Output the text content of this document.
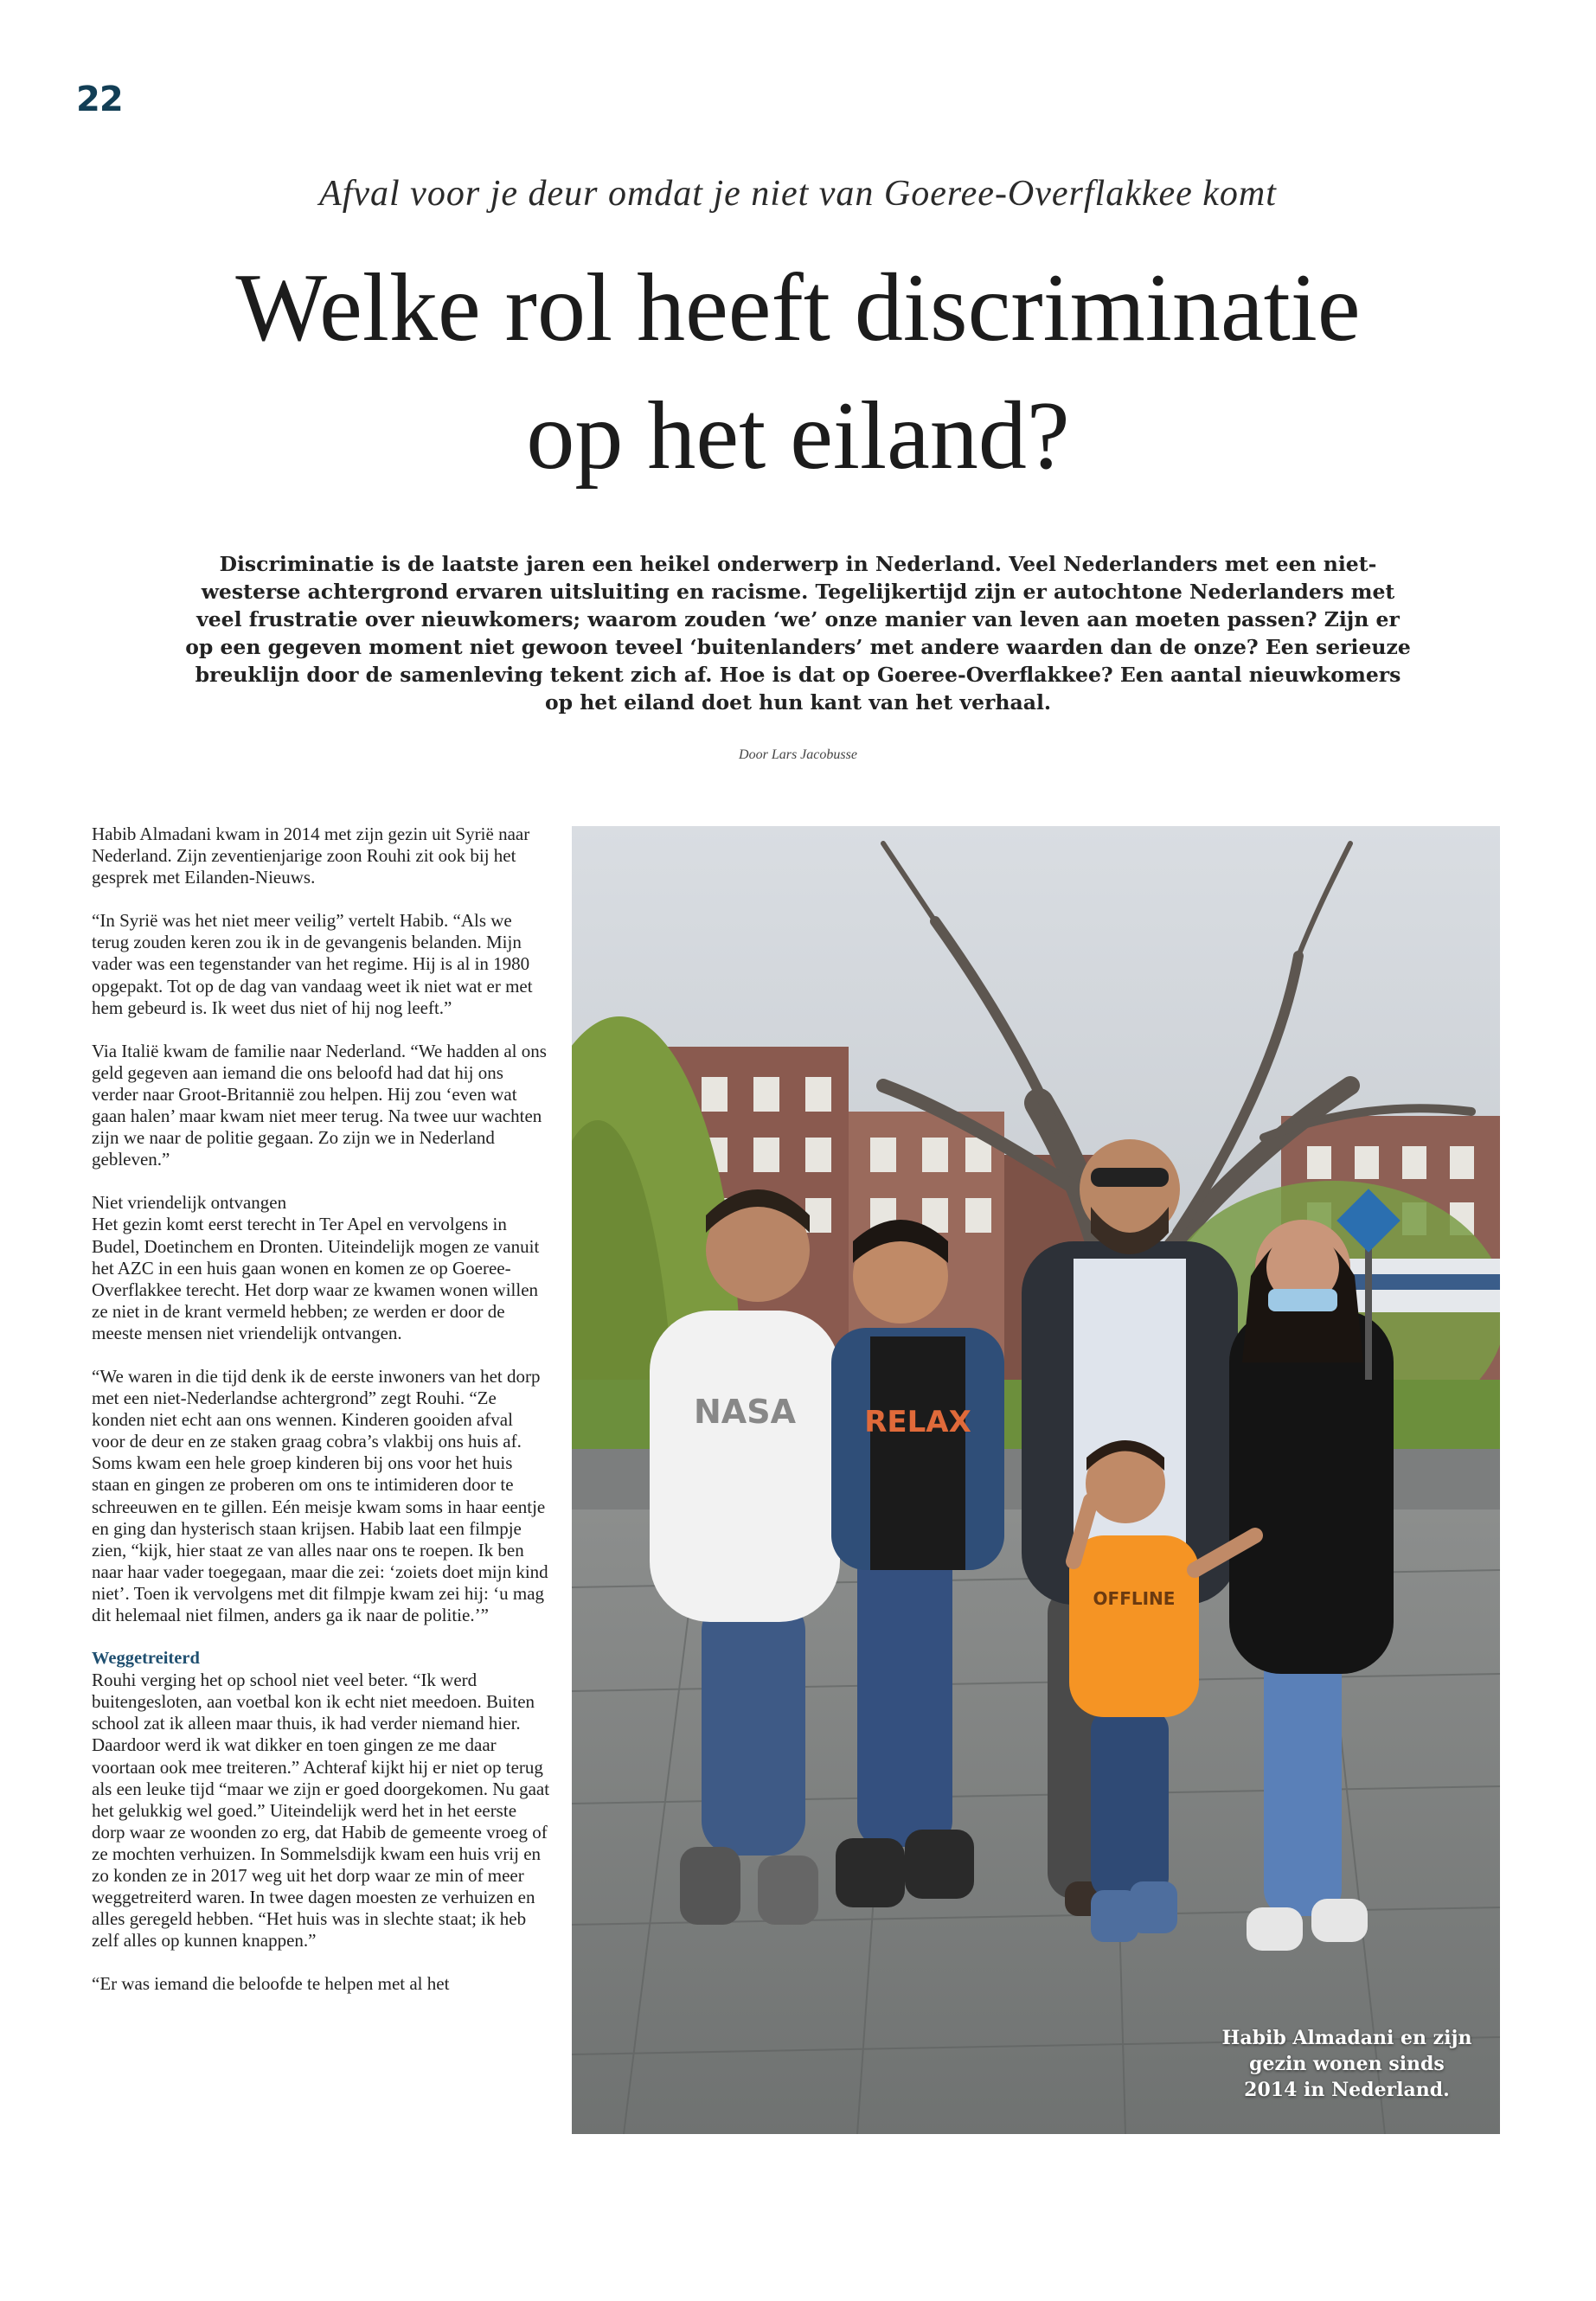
22
Afval voor je deur omdat je niet van Goeree-Overflakkee komt
Welke rol heeft discriminatie
op het eiland?
Discriminatie is de laatste jaren een heikel onderwerp in Nederland. Veel Nederlanders met een niet-westerse achtergrond ervaren uitsluiting en racisme. Tegelijkertijd zijn er autochtone Nederlanders met veel frustratie over nieuwkomers; waarom zouden ‘we’ onze manier van leven aan moeten passen? Zijn er op een gegeven moment niet gewoon teveel ‘buitenlanders’ met andere waarden dan de onze? Een serieuze breuklijn door de samenleving tekent zich af. Hoe is dat op Goeree-Overflakkee? Een aantal nieuwkomers op het eiland doet hun kant van het verhaal.
Door Lars Jacobusse

Habib Almadani kwam in 2014 met zijn gezin uit Syrië naar Nederland. Zijn zeventienjarige zoon Rouhi zit ook bij het gesprek met Eilanden-Nieuws.

“In Syrië was het niet meer veilig” vertelt Habib. “Als we terug zouden keren zou ik in de gevangenis belanden. Mijn vader was een tegenstander van het regime. Hij is al in 1980 opgepakt. Tot op de dag van vandaag weet ik niet wat er met hem gebeurd is. Ik weet dus niet of hij nog leeft.”

Via Italië kwam de familie naar Nederland. “We hadden al ons geld gegeven aan iemand die ons beloofd had dat hij ons verder naar Groot-Britannië zou helpen. Hij zou ‘even wat gaan halen’ maar kwam niet meer terug. Na twee uur wachten zijn we naar de politie gegaan. Zo zijn we in Nederland gebleven.”

Niet vriendelijk ontvangen

Het gezin komt eerst terecht in Ter Apel en vervolgens in Budel, Doetinchem en Dronten. Uiteindelijk mogen ze vanuit het AZC in een huis gaan wonen en komen ze op Goeree-Overflakkee terecht. Het dorp waar ze kwamen wonen willen ze niet in de krant vermeld hebben; ze werden er door de meeste mensen niet vriendelijk ontvangen.

“We waren in die tijd denk ik de eerste inwoners van het dorp met een niet-Nederlandse achtergrond” zegt Rouhi. “Ze konden niet echt aan ons wennen. Kinderen gooiden afval voor de deur en ze staken graag cobra’s vlakbij ons huis af. Soms kwam een hele groep kinderen bij ons voor het huis staan en gingen ze proberen om ons te intimideren door te schreeuwen en te gillen. Eén meisje kwam soms in haar eentje en ging dan hysterisch staan krijsen. Habib laat een filmpje zien, “kijk, hier staat ze van alles naar ons te roepen. Ik ben naar haar vader toegegaan, maar die zei: ‘zoiets doet mijn kind niet’. Toen ik vervolgens met dit filmpje kwam zei hij: ‘u mag dit helemaal niet filmen, anders ga ik naar de politie.’”

Weggetreiterd

Rouhi verging het op school niet veel beter. “Ik werd buitengesloten, aan voetbal kon ik echt niet meedoen. Buiten school zat ik alleen maar thuis, ik had verder niemand hier. Daardoor werd ik wat dikker en toen gingen ze me daar voortaan ook mee treiteren.” Achteraf kijkt hij er niet op terug als een leuke tijd “maar we zijn er goed doorgekomen. Nu gaat het gelukkig wel goed.” Uiteindelijk werd het in het eerste dorp waar ze woonden zo erg, dat Habib de gemeente vroeg of ze mochten verhuizen. In Sommelsdijk kwam een huis vrij en zo konden ze in 2017 weg uit het dorp waar ze min of meer weggetreiterd waren. In twee dagen moesten ze verhuizen en alles geregeld hebben. “Het huis was in slechte staat; ik heb zelf alles op kunnen knappen.”

“Er was iemand die beloofde te helpen met al het

NASA RELAX
OFFLINE
Habib Almadani en zijn gezin wonen sinds 2014 in Nederland.
